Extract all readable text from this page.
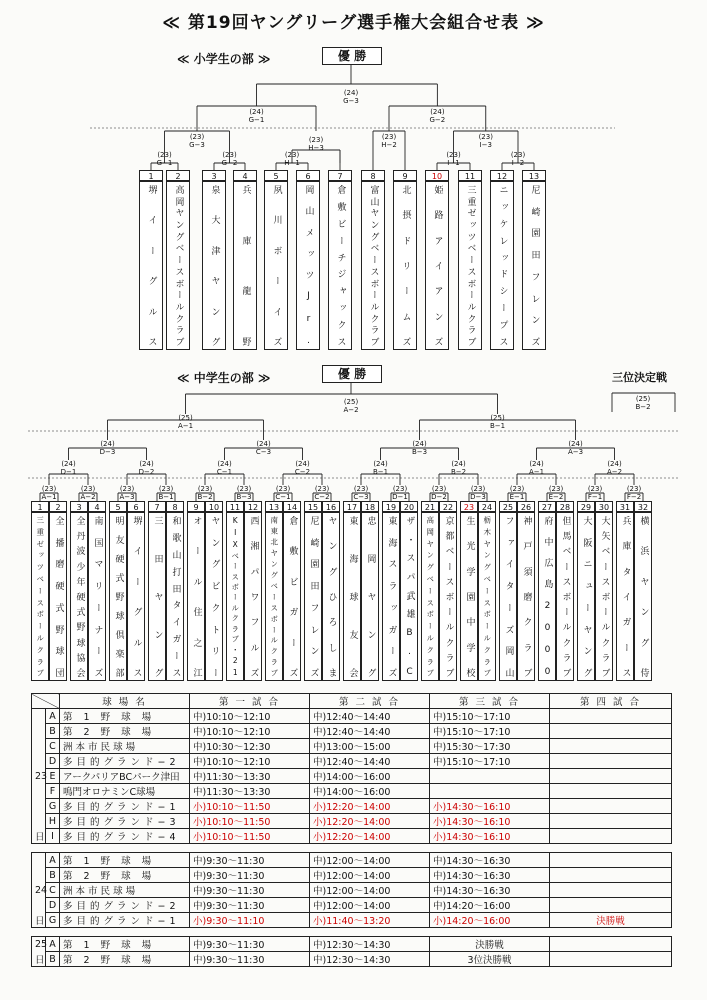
≪ 第19回ヤングリーグ選手権大会組合せ表 ≫
≪ 小学生の部 ≫	優 勝
≪ 中学生の部 ≫	優 勝	三位決定戦
1
堺
イ
ー
グ
ル
ス
2
高
岡
ヤ
ン
グ
ベ
ー
ス
ボ
ー
ル
ク
ラ
ブ
3
泉
大
津
ヤ
ン
グ
4
兵
庫
龍
野
5
夙
川
ボ
ー
イ
ズ
6
岡
山
メ
ッ
ツ
J
r
.
7
倉
敷
ビ
ー
チ
ジ
ャ
ッ
ク
ス
8
富
山
ヤ
ン
グ
ベ
ー
ス
ボ
ー
ル
ク
ラ
ブ
9
北
摂
ド
リ
ー
ム
ズ
10
姫
路
ア
イ
ア
ン
ズ
11
三
重
ゼ
ッ
ツ
ベ
ー
ス
ボ
ー
ル
ク
ラ
ブ
12
ニ
ッ
ケ
レ
ッ
ド
シ
ー
プ
ス
13
尼
崎
園
田
フ
レ
ン
ズ
1
三
重
ゼ
ッ
ツ
ベ
ー
ス
ボ
ー
ル
ク
ラ
ブ
2
全
播
磨
硬
式
野
球
団
3
全
丹
波
少
年
硬
式
野
球
協
会
4
南
国
マ
リ
ー
ナ
ー
ズ
5
明
友
硬
式
野
球
倶
楽
部
6
堺
イ
ー
グ
ル
ス
7
三
田
ヤ
ン
グ
8
和
歌
山
打
田
タ
イ
ガ
ー
ス
9
オ
ー
ル
住
之
江
10
ヤ
ン
グ
ビ
ク
ト
リ
ー
11
K
I
X
ベ
ー
ス
ボ
ー
ル
ク
ラ
ブ
・
2
1
12
西
湘
パ
ワ
フ
ル
ズ
13
南
東
北
ヤ
ン
グ
ベ
ー
ス
ボ
ー
ル
ク
ラ
ブ
14
倉
敷
ビ
ガ
ー
ズ
15
尼
崎
園
田
フ
レ
ン
ズ
16
ヤ
ン
グ
ひ
ろ
し
ま
17
東
海
球
友
会
18
忠
岡
ヤ
ン
グ
19
東
海
ス
ラ
ッ
ガ
ー
ズ
20
ザ
・
ス
パ
武
雄
B
.
C
21
高
岡
ヤ
ン
グ
ベ
ー
ス
ボ
ー
ル
ク
ラ
ブ
22
京
都
ベ
ー
ス
ボ
ー
ル
ク
ラ
ブ
23
生
光
学
園
中
学
校
24
栃
木
ヤ
ン
グ
ベ
ー
ス
ボ
ー
ル
ク
ラ
ブ
25
フ
ァ
イ
タ
ー
ズ
岡
山
26
神
戸
須
磨
ク
ラ
ブ
27
府
中
広
島
2
0
0
0
28
但
馬
ベ
ー
ス
ボ
ー
ル
ク
ラ
ブ
29
大
阪
ニ
ュ
ー
ヤ
ン
グ
30
大
矢
ベ
ー
ス
ボ
ー
ル
ク
ラ
ブ
31
兵
庫
タ
イ
ガ
ー
ス
32
横
浜
ヤ
ン
グ
侍
(23)
G−1
(23)
G−2
(23)
G−3
(23)
H−1
(23)
H−3
(23)
H−2
(23)
I−1
(23)
I−2
(23)
I−3
(24)
G−1
(24)
G−2
(24)
G−3
(23)
A−1
(23)
A−2
(23)
A−3
(23)
B−1
(23)
B−2
(23)
B−3
(23)
C−1
(23)
C−2
(23)
C−3
(23)
D−1
(23)
D−2
(23)
D−3
(23)
E−1
(23)
E−2
(23)
F−1
(23)
F−2
(24)
D−1
(24)
D−2
(24)
C−1
(24)
C−2
(24)
B−1
(24)
B−2
(24)
A−1
(24)
A−2
(24)
D−3
(24)
C−3
(24)
B−3
(24)
A−3
(25)
A−1
(25)
B−1
(25)
A−2
(25)
B−2
		球 場 名	第 一 試 合	第 二 試 合	第 三 試 合	第 四 試 合
	A	第 1 野 球 場	中)10:10〜12:10	中)12:40〜14:40	中)15:10〜17:10	
	B	第 2 野 球 場	中)10:10〜12:10	中)12:40〜14:40	中)15:10〜17:10	
	C	洲 本 市 民 球 場	中)10:30〜12:30	中)13:00〜15:00	中)15:30〜17:30	
	D	多目的グランド−2	中)10:10〜12:10	中)12:40〜14:40	中)15:10〜17:10	
23	E	アークパリアBCパーク津田	中)11:30〜13:30	中)14:00〜16:00		
	F	鳴門オロナミンC球場	中)11:30〜13:30	中)14:00〜16:00		
	G	多目的グランド−1	小)10:10〜11:50	小)12:20〜14:00	小)14:30〜16:10	
	H	多目的グランド−3	小)10:10〜11:50	小)12:20〜14:00	小)14:30〜16:10	
日	I	多目的グランド−4	小)10:10〜11:50	小)12:20〜14:00	小)14:30〜16:10	

	A	第 1 野 球 場	中)9:30〜11:30	中)12:00〜14:00	中)14:30〜16:30	
	B	第 2 野 球 場	中)9:30〜11:30	中)12:00〜14:00	中)14:30〜16:30	
24	C	洲 本 市 民 球 場	中)9:30〜11:30	中)12:00〜14:00	中)14:30〜16:30	
	D	多目的グランド−2	中)9:30〜11:30	中)12:00〜14:00	中)14:20〜16:00	
日	G	多目的グランド−1	小)9:30〜11:10	小)11:40〜13:20	小)14:20〜16:00	決勝戦

25	A	第 1 野 球 場	中)9:30〜11:30	中)12:30〜14:30	決勝戦	
日	B	第 2 野 球 場	中)9:30〜11:30	中)12:30〜14:30	3位決勝戦	
